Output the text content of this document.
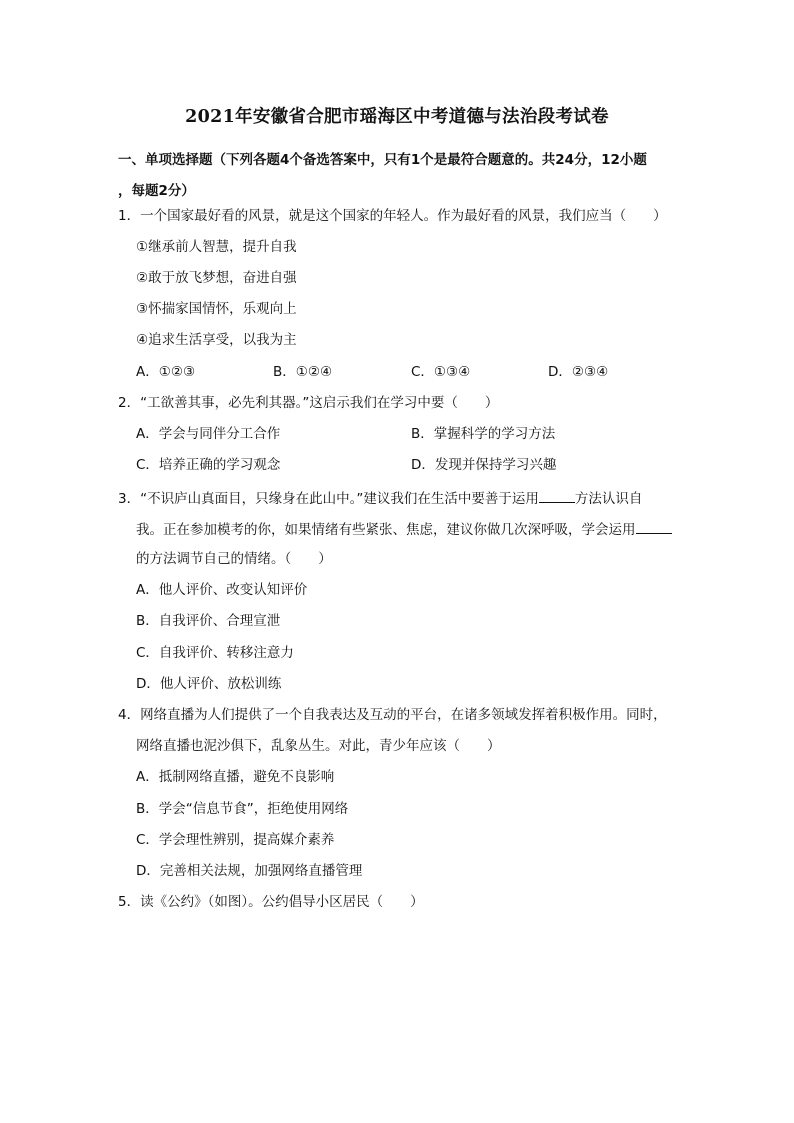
2021年安徽省合肥市瑶海区中考道德与法治段考试卷
一、单项选择题（下列各题4个备选答案中，只有1个是最符合题意的。共24分，12小题
，每题2分）
1．一个国家最好看的风景，就是这个国家的年轻人。作为最好看的风景，我们应当（　　）
①继承前人智慧，提升自我
②敢于放飞梦想，奋进自强
③怀揣家国情怀，乐观向上
④追求生活享受，以我为主
A．①②③	B．①②④	C．①③④	D．②③④
2．“工欲善其事，必先利其器。”这启示我们在学习中要（　　）
A．学会与同伴分工合作	B．掌握科学的学习方法
C．培养正确的学习观念	D．发现并保持学习兴趣
3．“不识庐山真面目，只缘身在此山中。”建议我们在生活中要善于运用	方法认识自
我。正在参加模考的你，如果情绪有些紧张、焦虑，建议你做几次深呼吸，学会运用
的方法调节自己的情绪。（　　）
A．他人评价、改变认知评价
B．自我评价、合理宣泄
C．自我评价、转移注意力
D．他人评价、放松训练
4．网络直播为人们提供了一个自我表达及互动的平台，在诸多领域发挥着积极作用。同时，
网络直播也泥沙俱下，乱象丛生。对此，青少年应该（　　）
A．抵制网络直播，避免不良影响
B．学会“信息节食”，拒绝使用网络
C．学会理性辨别，提高媒介素养
D．完善相关法规，加强网络直播管理
5．读《公约》（如图）。公约倡导小区居民（　　）
